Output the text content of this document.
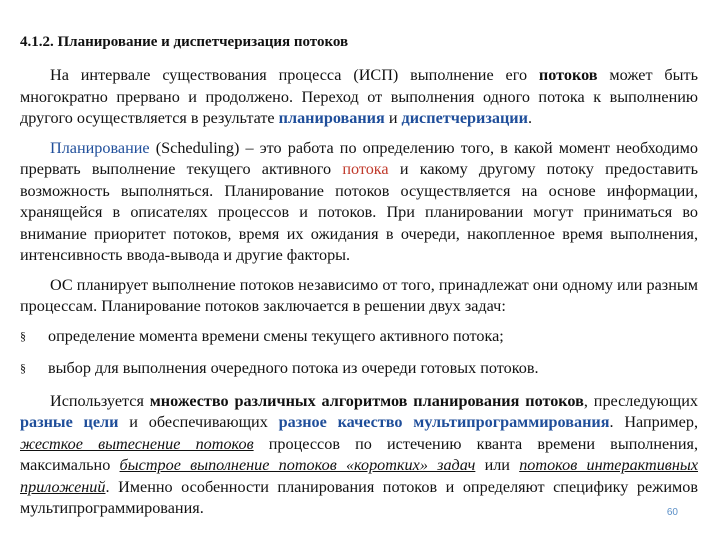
4.1.2. Планирование и диспетчеризация потоков

На интервале существования процесса (ИСП) выполнение его потоков может быть многократно прервано и продолжено. Переход от выполнения одного потока к выполнению другого осуществляется в результате планирования и диспетчеризации.

Планирование (Scheduling) – это работа по определению того, в какой момент необходимо прервать выполнение текущего активного потока и какому другому потоку предоставить возможность выполняться. Планирование потоков осуществляется на основе информации, хранящейся в описателях процессов и потоков. При планировании могут приниматься во внимание приоритет потоков, время их ожидания в очереди, накопленное время выполнения, интенсивность ввода-вывода и другие факторы.

ОС планирует выполнение потоков независимо от того, принадлежат они одному или разным процессам. Планирование потоков заключается в решении двух задач:

§ определение момента времени смены текущего активного потока;
§ выбор для выполнения очередного потока из очереди готовых потоков.

Используется множество различных алгоритмов планирования потоков, преследующих разные цели и обеспечивающих разное качество мультипрограммирования. Например, жесткое вытеснение потоков процессов по истечению кванта времени выполнения, максимально быстрое выполнение потоков «коротких» задач или потоков интерактивных приложений. Именно особенности планирования потоков и определяют специфику режимов мультипрограммирования.	60
